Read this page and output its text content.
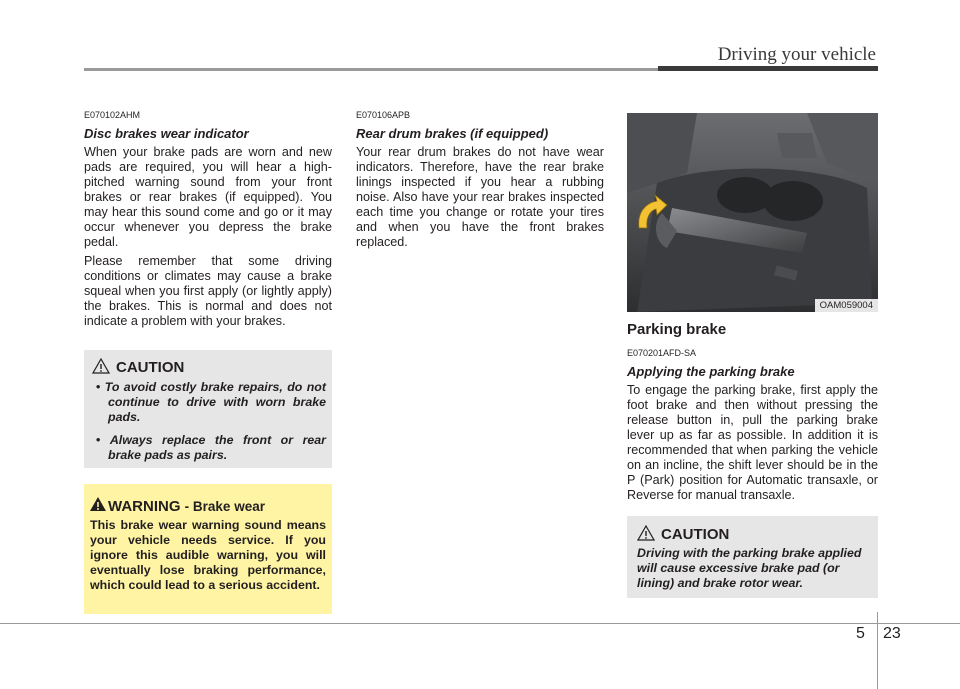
Driving your vehicle

E070102AHM

Disc brakes wear indicator

When your brake pads are worn and new pads are required, you will hear a high-pitched warning sound from your front brakes or rear brakes (if equipped). You may hear this sound come and go or it may occur whenever you depress the brake pedal.

Please remember that some driving conditions or climates may cause a brake squeal when you first apply (or lightly apply) the brakes. This is normal and does not indicate a problem with your brakes.

CAUTION
• To avoid costly brake repairs, do not continue to drive with worn brake pads.
• Always replace the front or rear brake pads as pairs.
WARNING - Brake wear

This brake wear warning sound means your vehicle needs service. If you ignore this audible warning, you will eventually lose braking performance, which could lead to a serious accident.

E070106APB

Rear drum brakes (if equipped)

Your rear drum brakes do not have wear indicators. Therefore, have the rear brake linings inspected if you hear a rubbing noise. Also have your rear brakes inspected each time you change or rotate your tires and when you have the front brakes replaced.

OAM059004

Parking brake

E070201AFD-SA

Applying the parking brake

To engage the parking brake, first apply the foot brake and then without pressing the release button in, pull the parking brake lever up as far as possible. In addition it is recommended that when parking the vehicle on an incline, the shift lever should be in the P (Park) position for Automatic transaxle, or Reverse for manual transaxle.

CAUTION

Driving with the parking brake applied will cause excessive brake pad (or lining) and brake rotor wear.

5 23
